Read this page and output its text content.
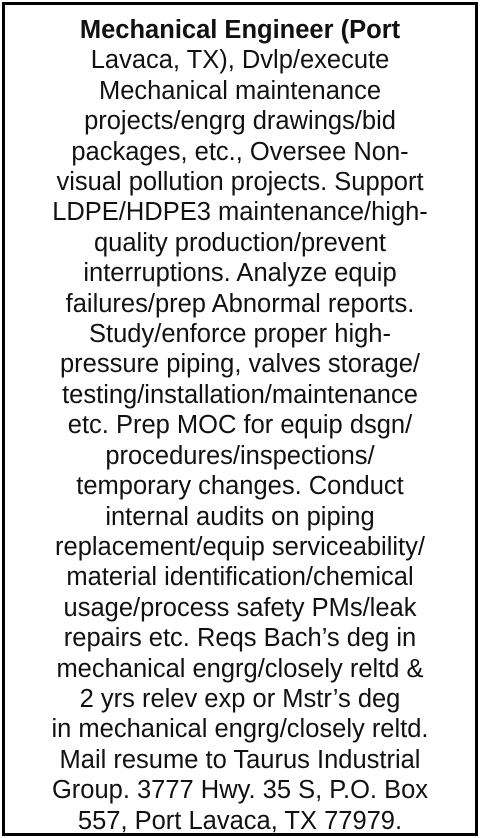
Mechanical Engineer (Port
Lavaca, TX), Dvlp/execute
Mechanical maintenance
projects/engrg drawings/bid
packages, etc., Oversee Non-
visual pollution projects. Support
LDPE/HDPE3 maintenance/high-
quality production/prevent
interruptions. Analyze equip
failures/prep Abnormal reports.
Study/enforce proper high-
pressure piping, valves storage/
testing/installation/maintenance
etc. Prep MOC for equip dsgn/
procedures/inspections/
temporary changes. Conduct
internal audits on piping
replacement/equip serviceability/
material identification/chemical
usage/process safety PMs/leak
repairs etc. Reqs Bach’s deg in
mechanical engrg/closely reltd &
2 yrs relev exp or Mstr’s deg
in mechanical engrg/closely reltd.
Mail resume to Taurus Industrial
Group. 3777 Hwy. 35 S, P.O. Box
557, Port Lavaca, TX 77979.
